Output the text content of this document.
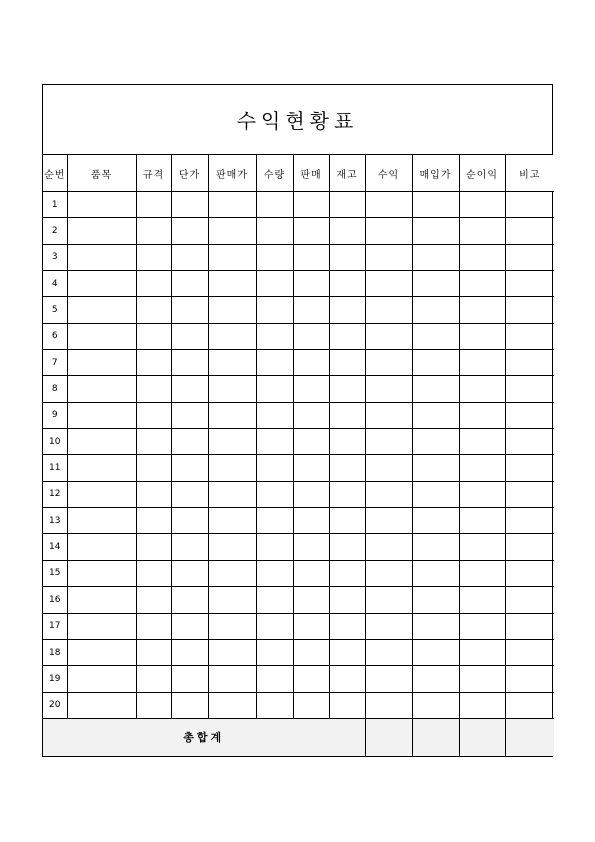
수익현황표
순번	품목	규격	단가	판매가	수량	판매	재고	수익	매입가	순이익	비고
1											
2											
3											
4											
5											
6											
7											
8											
9											
10											
11											
12											
13											
14											
15											
16											
17											
18											
19											
20											
총합계											
